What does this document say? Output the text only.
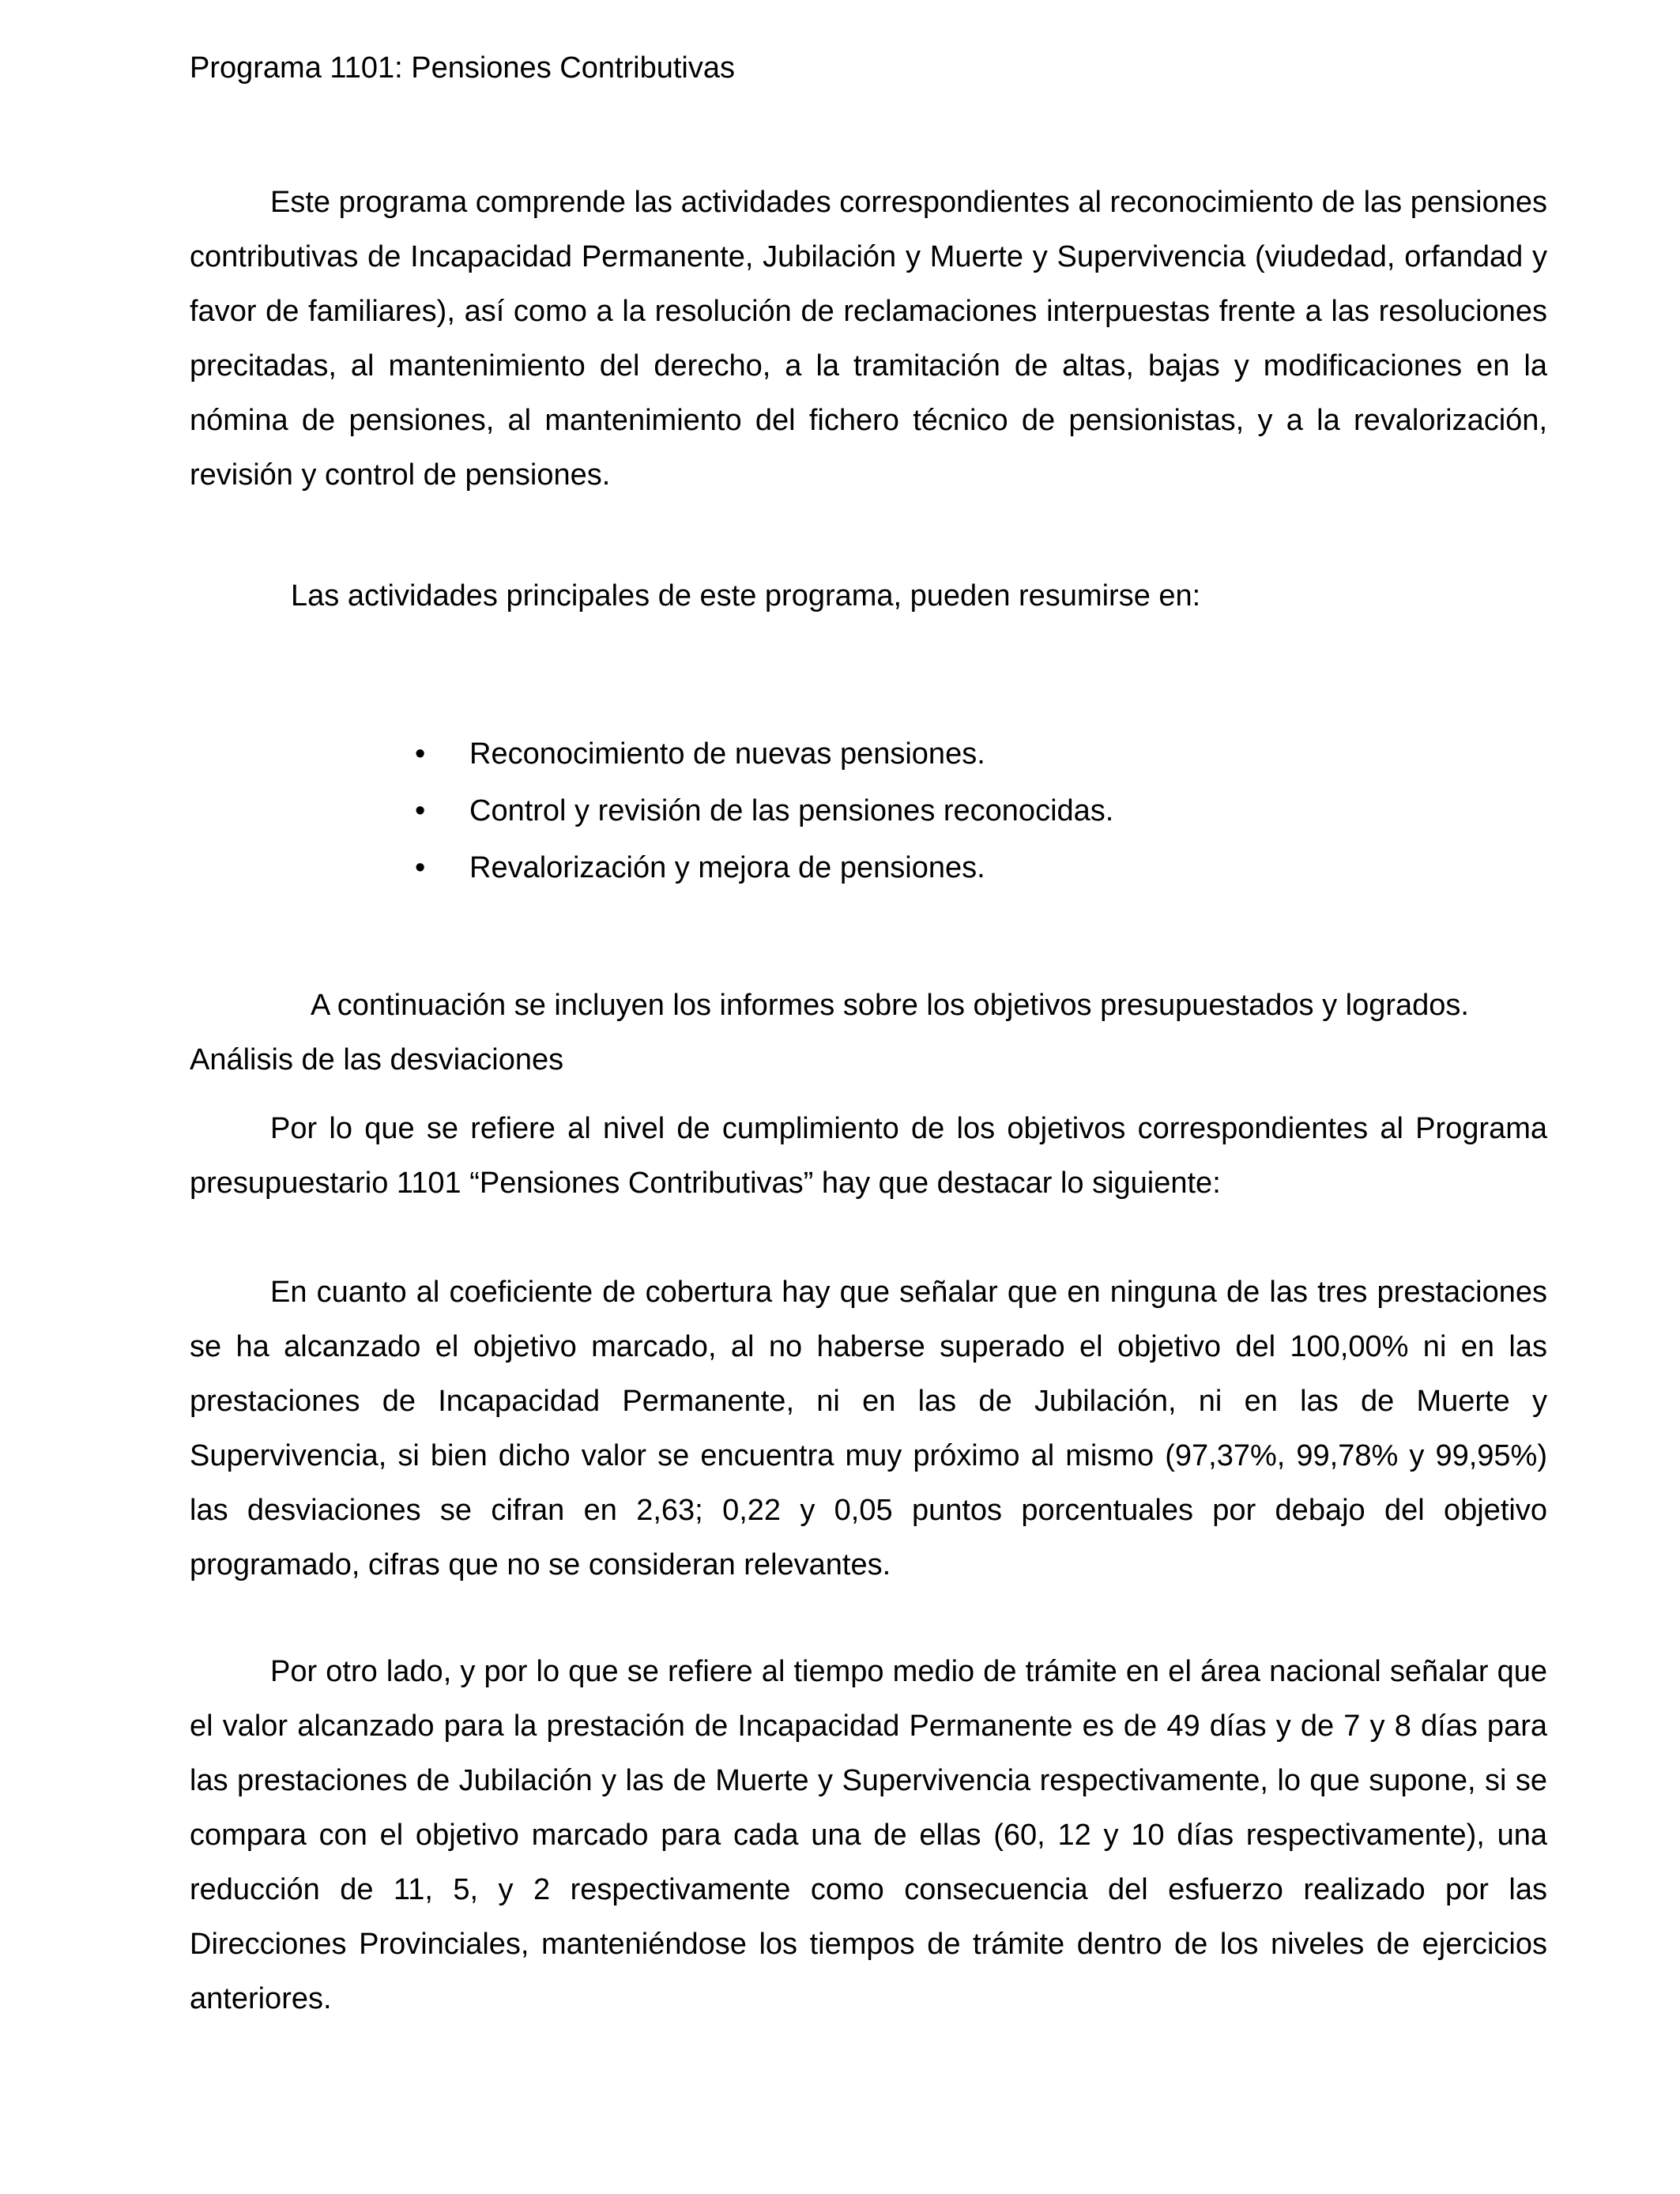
Programa 1101: Pensiones Contributivas

Este programa comprende las actividades correspondientes al reconocimiento de las pensiones contributivas de Incapacidad Permanente, Jubilación y Muerte y Supervivencia (viudedad, orfandad y favor de familiares), así como a la resolución de reclamaciones interpuestas frente a las resoluciones precitadas, al mantenimiento del derecho, a la tramitación de altas, bajas y modificaciones en la nómina de pensiones, al mantenimiento del fichero técnico de pensionistas, y a la revalorización, revisión y control de pensiones.

Las actividades principales de este programa, pueden resumirse en:

• Reconocimiento de nuevas pensiones.
• Control y revisión de las pensiones reconocidas.
• Revalorización y mejora de pensiones.

A continuación se incluyen los informes sobre los objetivos presupuestados y logrados.

Análisis de las desviaciones

Por lo que se refiere al nivel de cumplimiento de los objetivos correspondientes al Programa presupuestario 1101 “Pensiones Contributivas” hay que destacar lo siguiente:

En cuanto al coeficiente de cobertura hay que señalar que en ninguna de las tres prestaciones se ha alcanzado el objetivo marcado, al no haberse superado el objetivo del 100,00% ni en las prestaciones de Incapacidad Permanente, ni en las de Jubilación, ni en las de Muerte y Supervivencia, si bien dicho valor se encuentra muy próximo al mismo (97,37%, 99,78% y 99,95%) las desviaciones se cifran en 2,63; 0,22 y 0,05 puntos porcentuales por debajo del objetivo programado, cifras que no se consideran relevantes.

Por otro lado, y por lo que se refiere al tiempo medio de trámite en el área nacional señalar que el valor alcanzado para la prestación de Incapacidad Permanente es de 49 días y de 7 y 8 días para las prestaciones de Jubilación y las de Muerte y Supervivencia respectivamente, lo que supone, si se compara con el objetivo marcado para cada una de ellas (60, 12 y 10 días respectivamente), una reducción de 11, 5, y 2 respectivamente como consecuencia del esfuerzo realizado por las Direcciones Provinciales, manteniéndose los tiempos de trámite dentro de los niveles de ejercicios anteriores.
